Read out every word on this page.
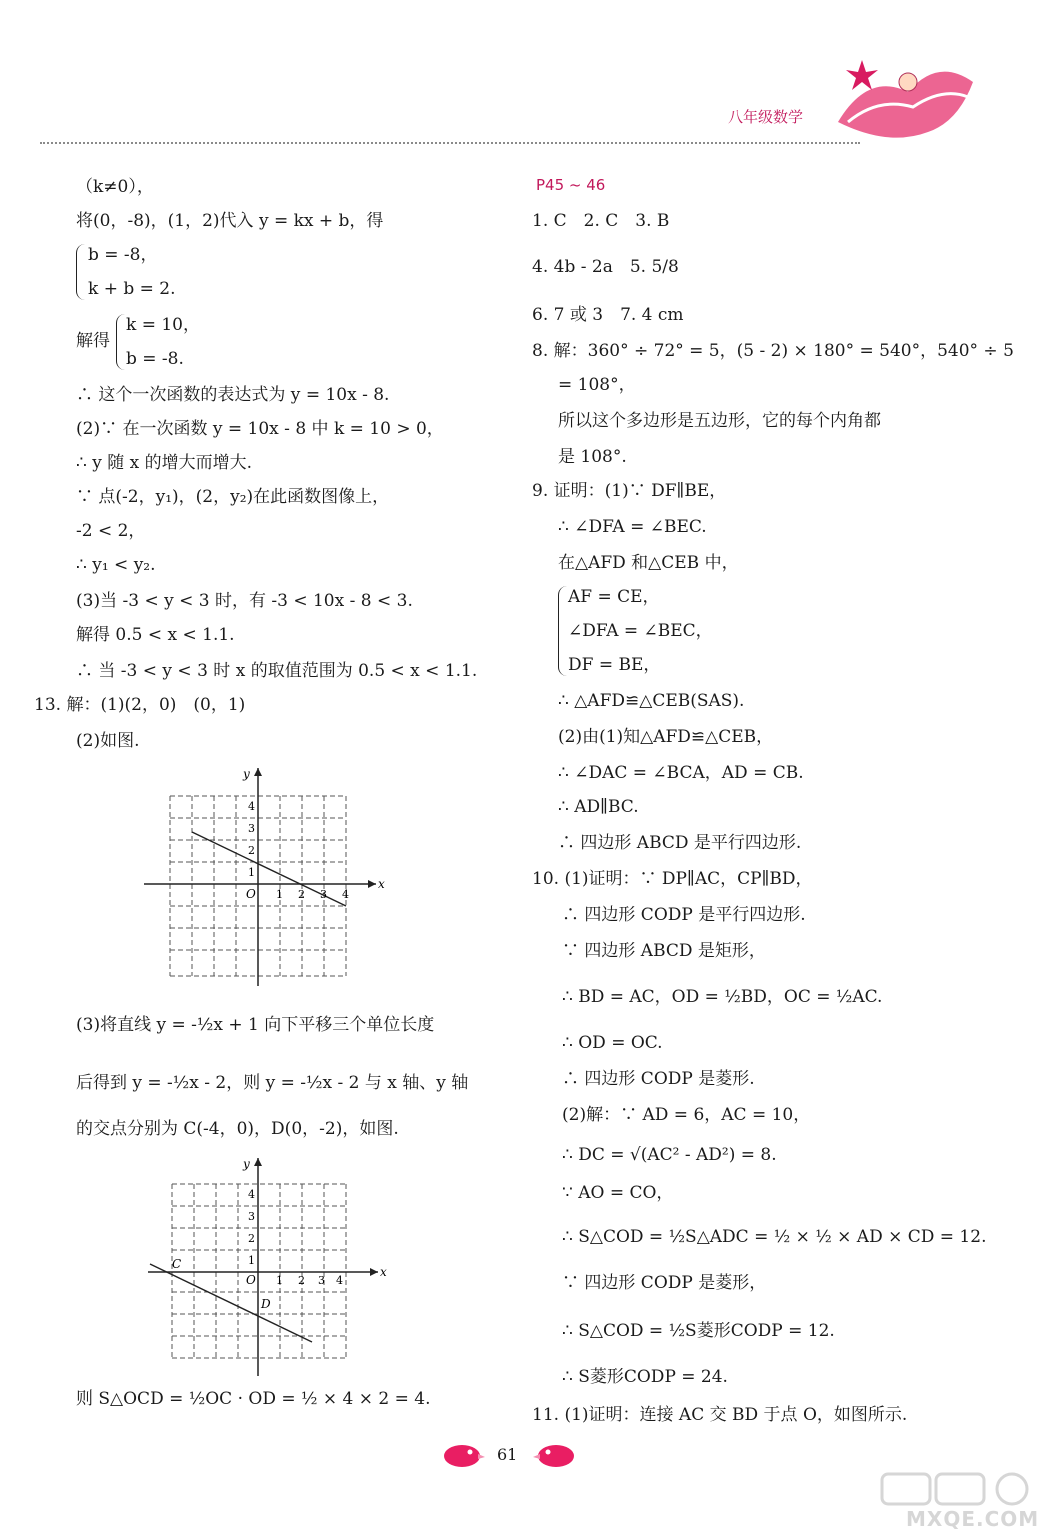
八年级数学
（k≠0），
将(0，-8)，(1，2)代入 y = kx + b，得
b = -8，
k + b = 2.
解得
k = 10，
b = -8.
∴ 这个一次函数的表达式为 y = 10x - 8.
(2)∵ 在一次函数 y = 10x - 8 中 k = 10 > 0，
∴ y 随 x 的增大而增大.
∵ 点(-2，y₁)，(2，y₂)在此函数图像上，
-2 < 2，
∴ y₁ < y₂.
(3)当 -3 < y < 3 时，有 -3 < 10x - 8 < 3.
解得 0.5 < x < 1.1.
∴ 当 -3 < y < 3 时 x 的取值范围为 0.5 < x < 1.1.
13. 解：(1)(2，0)　(0，1)
(2)如图.
(3)将直线 y = -½x + 1 向下平移三个单位长度
后得到 y = -½x - 2，则 y = -½x - 2 与 x 轴、y 轴
的交点分别为 C(-4，0)，D(0，-2)，如图.
则 S△OCD = ½OC · OD = ½ × 4 × 2 = 4.
x
y
O 1 2 3 4
1
2
3
4
x
y
O
C
D
1 2 3 4
1
2
3
4
P45 ~ 46
1. C　2. C　3. B
4. 4b - 2a　5. 5/8
6. 7 或 3　7. 4 cm
8. 解：360° ÷ 72° = 5，(5 - 2) × 180° = 540°，540° ÷ 5
= 108°，
所以这个多边形是五边形，它的每个内角都
是 108°.
9. 证明：(1)∵ DF∥BE，
∴ ∠DFA = ∠BEC.
在△AFD 和△CEB 中，
AF = CE，
∠DFA = ∠BEC，
DF = BE，
∴ △AFD≌△CEB(SAS).
(2)由(1)知△AFD≌△CEB，
∴ ∠DAC = ∠BCA，AD = CB.
∴ AD∥BC.
∴ 四边形 ABCD 是平行四边形.
10. (1)证明：∵ DP∥AC，CP∥BD，
∴ 四边形 CODP 是平行四边形.
∵ 四边形 ABCD 是矩形，
∴ BD = AC，OD = ½BD，OC = ½AC.
∴ OD = OC.
∴ 四边形 CODP 是菱形.
(2)解：∵ AD = 6，AC = 10，
∴ DC = √(AC² - AD²) = 8.
∵ AO = CO，
∴ S△COD = ½S△ADC = ½ × ½ × AD × CD = 12.
∵ 四边形 CODP 是菱形，
∴ S△COD = ½S菱形CODP = 12.
∴ S菱形CODP = 24.
11. (1)证明：连接 AC 交 BD 于点 O，如图所示.
61
MXQE.COM
